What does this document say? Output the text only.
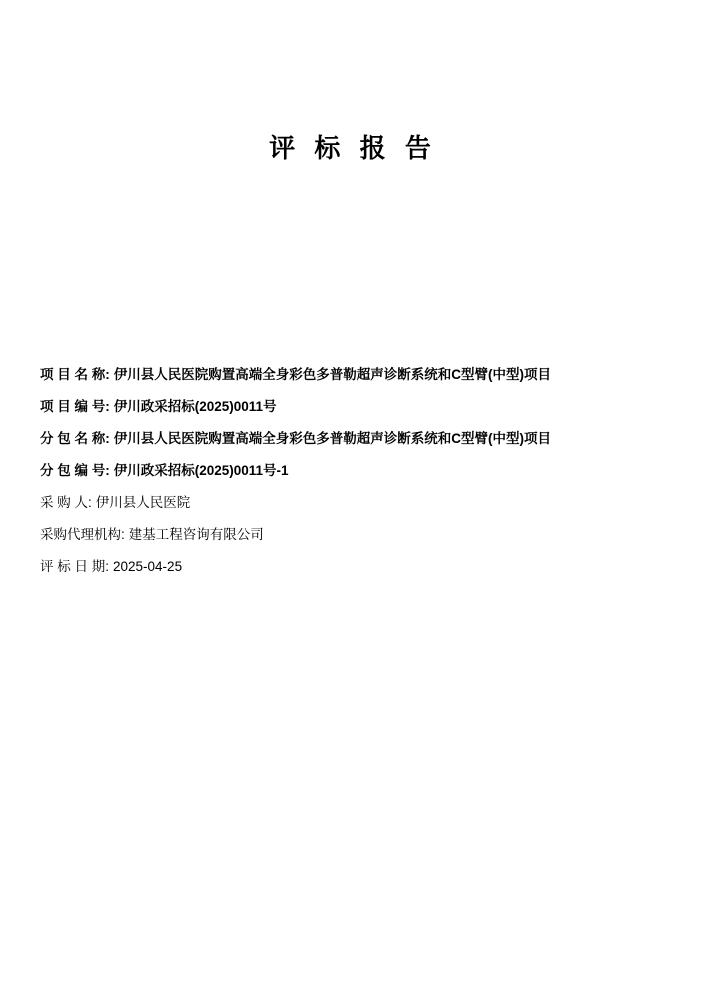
评 标 报 告
项 目 名 称: 伊川县人民医院购置高端全身彩色多普勒超声诊断系统和C型臂(中型)项目
项 目 编 号: 伊川政采招标(2025)0011号
分 包 名 称: 伊川县人民医院购置高端全身彩色多普勒超声诊断系统和C型臂(中型)项目
分 包 编 号: 伊川政采招标(2025)0011号-1
采 购 人: 伊川县人民医院
采购代理机构: 建基工程咨询有限公司
评 标 日 期: 2025-04-25
